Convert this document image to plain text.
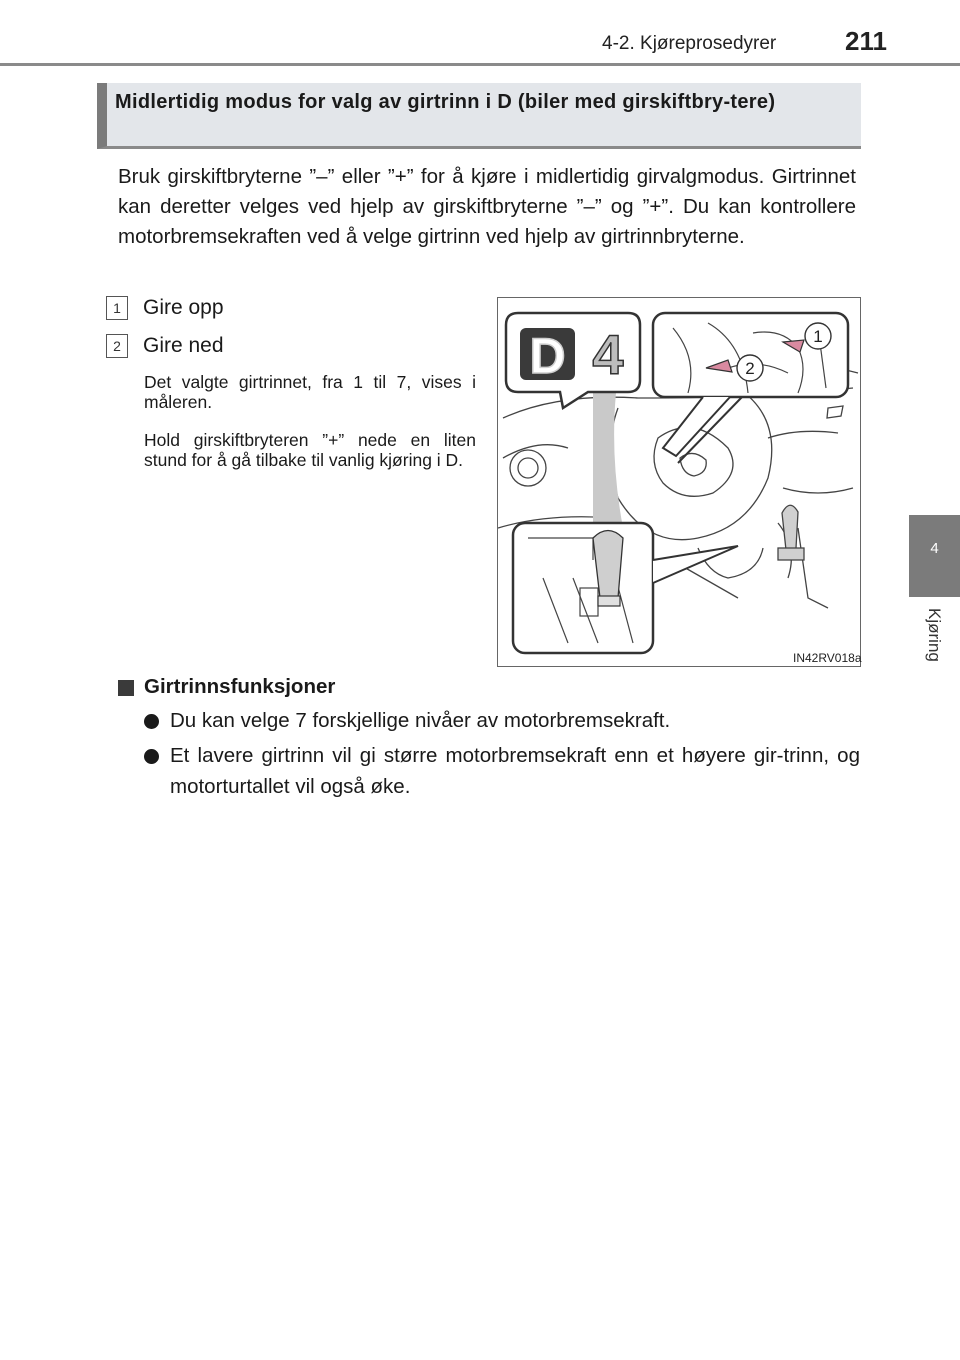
4-2. Kjøreprosedyrer	211
4
Kjøring
Midlertidig modus for valg av girtrinn i D (biler med girskiftbry-tere)
Bruk girskiftbryterne ”–” eller ”+” for å kjøre i midlertidig girvalgmodus. Girtrinnet kan deretter velges ved hjelp av girskiftbryterne ”–” og ”+”. Du kan kontrollere motorbremsekraften ved å velge girtrinn ved hjelp av girtrinnbryterne.
1	Gire opp
2	Gire ned
Det valgte girtrinnet, fra 1 til 7, vises i måleren.
Hold girskiftbryteren ”+” nede en liten stund for å gå tilbake til vanlig kjøring i D.
D 4	1
2
IN42RV018a
Girtrinnsfunksjoner
Du kan velge 7 forskjellige nivåer av motorbremsekraft.
Et lavere girtrinn vil gi større motorbremsekraft enn et høyere gir-trinn, og motorturtallet vil også øke.
